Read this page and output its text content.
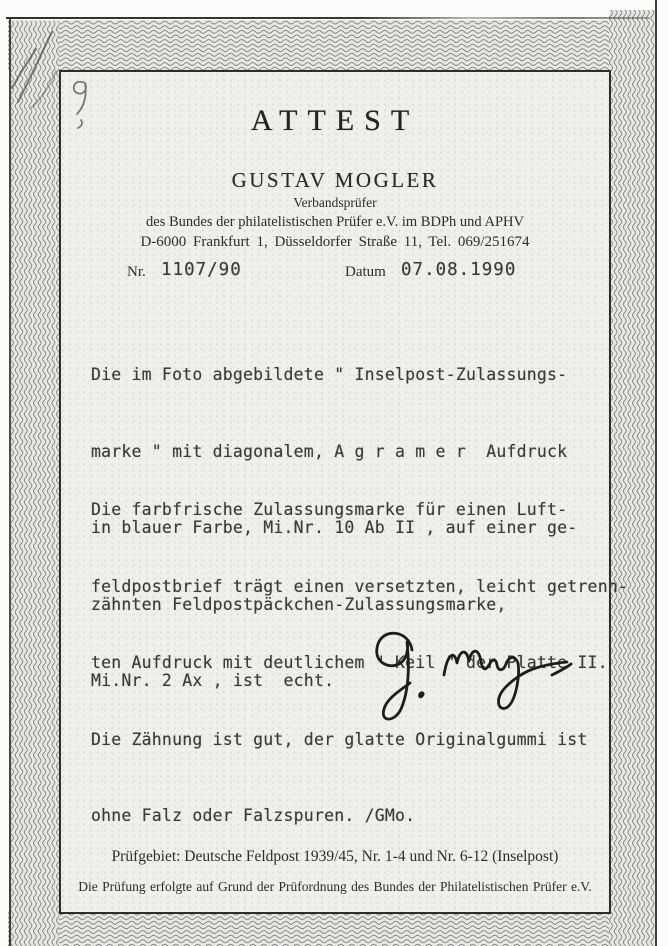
ATTEST
GUSTAV MOGLER
Verbandsprüfer
des Bundes der philatelistischen Prüfer e.V. im BDPh und APHV
D-6000 Frankfurt 1, Düsseldorfer Straße 11, Tel. 069/251674
Nr. 1107/90	Datum 07.08.1990

Die im Foto abgebildete " Inselpost-Zulassungs-

marke " mit diagonalem, A g r a m e r  Aufdruck

in blauer Farbe, Mi.Nr. 10 Ab II , auf einer ge-

zähnten Feldpostpäckchen-Zulassungsmarke,

Mi.Nr. 2 Ax , ist  echt.

Die farbfrische Zulassungsmarke für einen Luft-

feldpostbrief trägt einen versetzten, leicht getrenn-

ten Aufdruck mit deutlichem " Keil " der Platte II.

Die Zähnung ist gut, der glatte Originalgummi ist

ohne Falz oder Falzspuren. /GMo.

Prüfgebiet: Deutsche Feldpost 1939/45, Nr. 1-4 und Nr. 6-12 (Inselpost)
Die Prüfung erfolgte auf Grund der Prüfordnung des Bundes der Philatelistischen Prüfer e.V.
